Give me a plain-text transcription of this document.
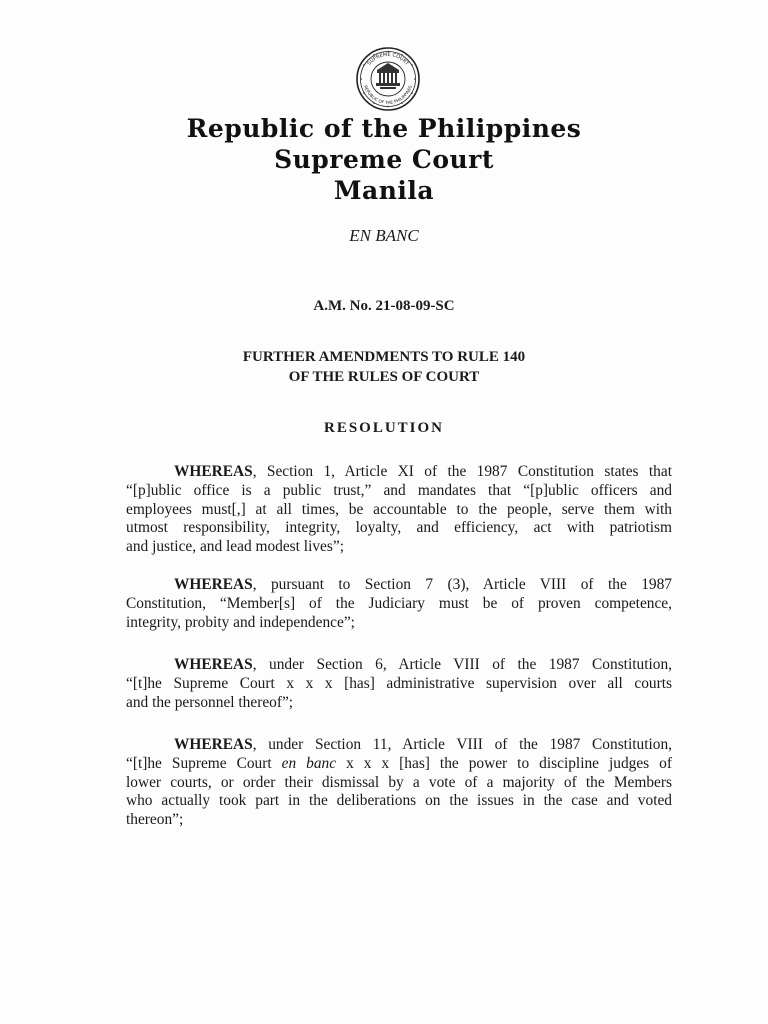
SUPREME COURT
REPUBLIC OF THE PHILIPPINES
Republic of the Philippines
Supreme Court
Manila
EN BANC
A.M. No. 21-08-09-SC
FURTHER AMENDMENTS TO RULE 140
OF THE RULES OF COURT
RESOLUTION
WHEREAS, Section 1, Article XI of the 1987 Constitution states that
“[p]ublic office is a public trust,” and mandates that “[p]ublic officers and
employees must[,] at all times, be accountable to the people, serve them with
utmost responsibility, integrity, loyalty, and efficiency, act with patriotism
and justice, and lead modest lives”;
WHEREAS, pursuant to Section 7 (3), Article VIII of the 1987
Constitution, “Member[s] of the Judiciary must be of proven competence,
integrity, probity and independence”;
WHEREAS, under Section 6, Article VIII of the 1987 Constitution,
“[t]he Supreme Court x x x [has] administrative supervision over all courts
and the personnel thereof”;
WHEREAS, under Section 11, Article VIII of the 1987 Constitution,
“[t]he Supreme Court en banc x x x [has] the power to discipline judges of
lower courts, or order their dismissal by a vote of a majority of the Members
who actually took part in the deliberations on the issues in the case and voted
thereon”;
